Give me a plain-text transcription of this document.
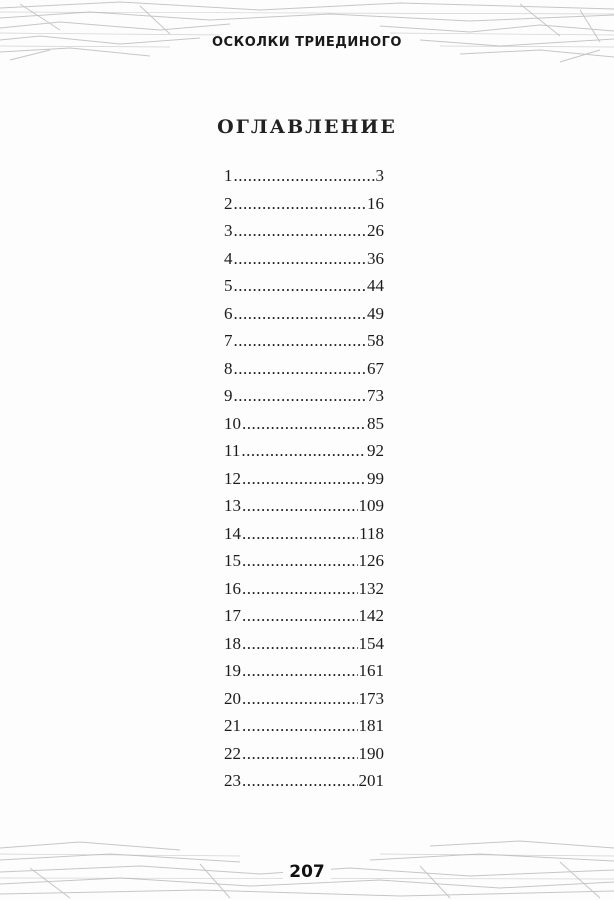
ОСКОЛКИ ТРИЕДИНОГО
ОГЛАВЛЕНИЕ
1 .....	3
2 .....	16
3 .....	26
4 .....	36
5 .....	44
6 .....	49
7 .....	58
8 .....	67
9 .....	73
10 .....	85
11 .....	92
12 .....	99
13 .....	109
14 .....	118
15 .....	126
16 .....	132
17 .....	142
18 .....	154
19 .....	161
20 .....	173
21 .....	181
22 .....	190
23 .....	201
207
